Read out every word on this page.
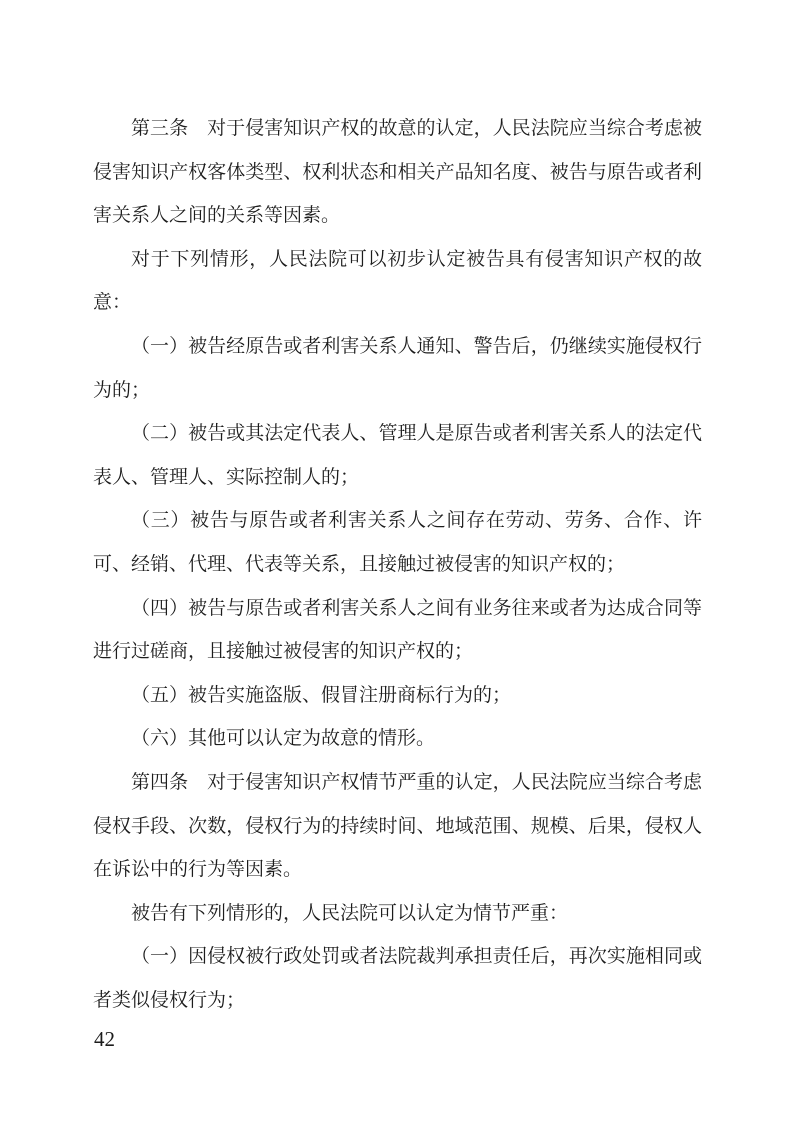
第三条　对于侵害知识产权的故意的认定，人民法院应当综合考虑被侵害知识产权客体类型、权利状态和相关产品知名度、被告与原告或者利害关系人之间的关系等因素。

对于下列情形，人民法院可以初步认定被告具有侵害知识产权的故意：

（一）被告经原告或者利害关系人通知、警告后，仍继续实施侵权行为的；

（二）被告或其法定代表人、管理人是原告或者利害关系人的法定代表人、管理人、实际控制人的；

（三）被告与原告或者利害关系人之间存在劳动、劳务、合作、许可、经销、代理、代表等关系，且接触过被侵害的知识产权的；

（四）被告与原告或者利害关系人之间有业务往来或者为达成合同等进行过磋商，且接触过被侵害的知识产权的；

（五）被告实施盗版、假冒注册商标行为的；

（六）其他可以认定为故意的情形。

第四条　对于侵害知识产权情节严重的认定，人民法院应当综合考虑侵权手段、次数，侵权行为的持续时间、地域范围、规模、后果，侵权人在诉讼中的行为等因素。

被告有下列情形的，人民法院可以认定为情节严重：

（一）因侵权被行政处罚或者法院裁判承担责任后，再次实施相同或者类似侵权行为；

42
